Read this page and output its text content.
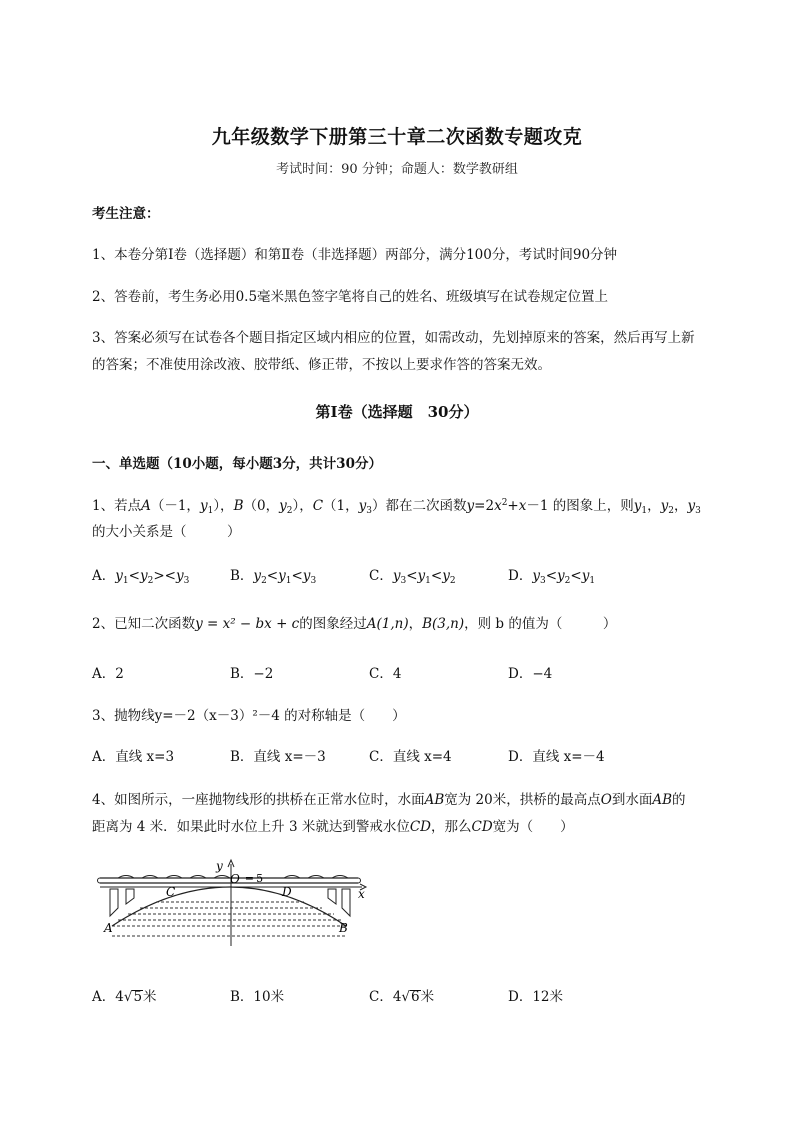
九年级数学下册第三十章二次函数专题攻克
考试时间：90 分钟；命题人：数学教研组
考生注意：
1、本卷分第Ⅰ卷（选择题）和第Ⅱ卷（非选择题）两部分，满分100分，考试时间90分钟
2、答卷前，考生务必用0.5毫米黑色签字笔将自己的姓名、班级填写在试卷规定位置上
3、答案必须写在试卷各个题目指定区域内相应的位置，如需改动，先划掉原来的答案，然后再写上新
的答案；不准使用涂改液、胶带纸、修正带，不按以上要求作答的答案无效。
第Ⅰ卷（选择题　30分）
一、单选题（10小题，每小题3分，共计30分）
1、若点A（－1，$y_1$），B（0，$y_2$），C（1，$y_3$）都在二次函数$y=2x^2+x-1$ 的图象上，则$y_1$，$y_2$，$y_3$
的大小关系是（　　　）
A．$y_1<y_2><y_3$	B．$y_2<y_1<y_3$	C．$y_3<y_1<y_2$	D．$y_3<y_2<y_1$
2、已知二次函数y = x² − bx + c的图象经过A(1,n)，B(3,n)，则 b 的值为（　　　）
A．2	B．−2	C．4	D．−4
3、抛物线y=－2（x－3）²－4 的对称轴是（　　）
A．直线 x=3	B．直线 x=－3	C．直线 x=4	D．直线 x=－4
4、如图所示，一座抛物线形的拱桥在正常水位时，水面AB宽为 20米，拱桥的最高点O到水面AB的
距离为 4 米．如果此时水位上升 3 米就达到警戒水位CD，那么CD宽为（　　）
y
O ═ 5
x
C	D
A	B
A．4√5米	B．10米	C．4√6米	D．12米
